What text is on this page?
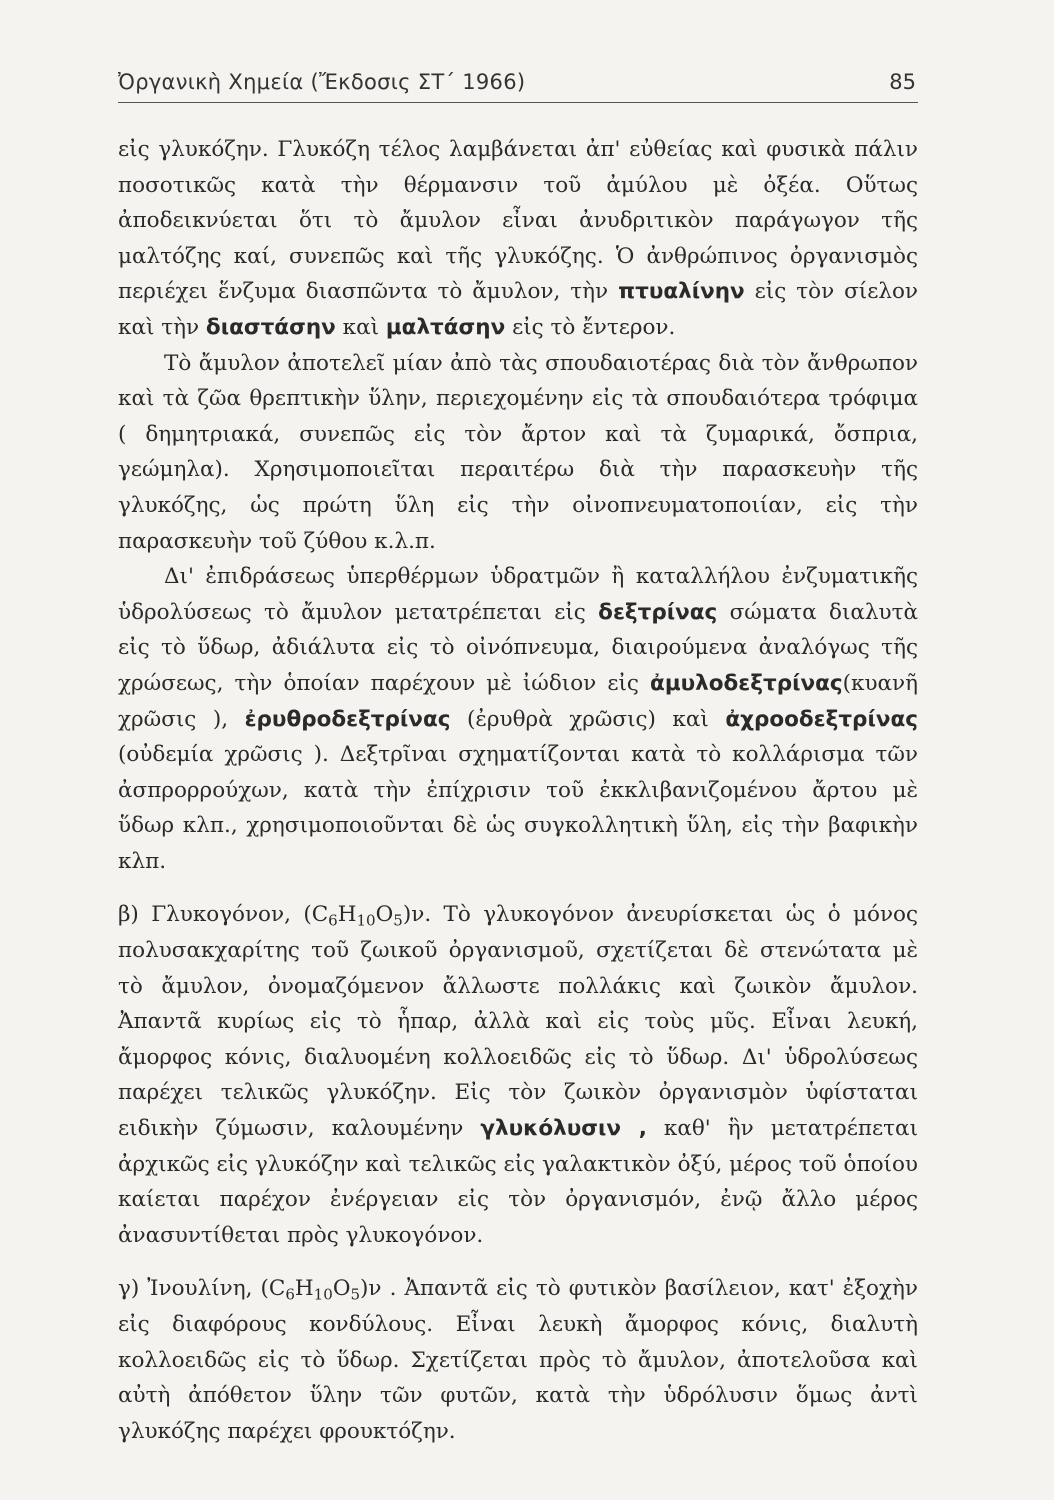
Ὀργανικὴ Χημεία (Ἔκδοσις ΣΤ΄ 1966)	85

εἰς γλυκόζην. Γλυκόζη τέλος λαμβάνεται ἀπ' εὐθείας καὶ φυσικὰ πάλιν ποσοτικῶς κατὰ τὴν θέρμανσιν τοῦ ἀμύλου μὲ ὀξέα. Οὕτως ἀποδεικνύεται ὅτι τὸ ἄμυλον εἶναι ἀνυδριτικὸν παράγωγον τῆς μαλτόζης καί, συνεπῶς καὶ τῆς γλυκόζης. Ὁ ἀνθρώπινος ὀργανισμὸς περιέχει ἕνζυμα διασπῶντα τὸ ἄμυλον, τὴν πτυαλίνην εἰς τὸν σίελον καὶ τὴν διαστάσην καὶ μαλτάσην εἰς τὸ ἔντερον.

Τὸ ἄμυλον ἀποτελεῖ μίαν ἀπὸ τὰς σπουδαιοτέρας διὰ τὸν ἄνθρωπον καὶ τὰ ζῶα θρεπτικὴν ὕλην, περιεχομένην εἰς τὰ σπουδαιότερα τρόφιμα ( δημητριακά, συνεπῶς εἰς τὸν ἄρτον καὶ τὰ ζυμαρικά, ὄσπρια, γεώμηλα). Χρησιμοποιεῖται περαιτέρω διὰ τὴν παρασκευὴν τῆς γλυκόζης, ὡς πρώτη ὕλη εἰς τὴν οἰνοπνευματοποιίαν, εἰς τὴν παρασκευὴν τοῦ ζύθου κ.λ.π.

Δι' ἐπιδράσεως ὑπερθέρμων ὑδρατμῶν ἢ καταλλήλου ἐνζυματικῆς ὑδρολύσεως τὸ ἄμυλον μετατρέπεται εἰς δεξτρίνας σώματα διαλυτὰ εἰς τὸ ὕδωρ, ἀδιάλυτα εἰς τὸ οἰνόπνευμα, διαιρούμενα ἀναλόγως τῆς χρώσεως, τὴν ὁποίαν παρέχουν μὲ ἰώδιον εἰς ἀμυλοδεξτρίνας(κυανῆ χρῶσις ), ἐρυθροδεξτρίνας (ἐρυθρὰ χρῶσις) καὶ ἀχροοδεξτρίνας (οὐδεμία χρῶσις ). Δεξτρῖναι σχηματίζονται κατὰ τὸ κολλάρισμα τῶν ἀσπρορρούχων, κατὰ τὴν ἐπίχρισιν τοῦ ἐκκλιβανιζομένου ἄρτου μὲ ὕδωρ κλπ., χρησιμοποιοῦνται δὲ ὡς συγκολλητικὴ ὕλη, εἰς τὴν βαφικὴν κλπ.

β) Γλυκογόνον, $(C_6H_{10}O_5)\nu$. Τὸ γλυκογόνον ἀνευρίσκεται ὡς ὁ μόνος πολυσακχαρίτης τοῦ ζωικοῦ ὀργανισμοῦ, σχετίζεται δὲ στενώτατα μὲ τὸ ἄμυλον, ὀνομαζόμενον ἄλλωστε πολλάκις καὶ ζωικὸν ἄμυλον. Ἀπαντᾶ κυρίως εἰς τὸ ἧπαρ, ἀλλὰ καὶ εἰς τοὺς μῦς. Εἶναι λευκή, ἄμορφος κόνις, διαλυομένη κολλοειδῶς εἰς τὸ ὕδωρ. Δι' ὑδρολύσεως παρέχει τελικῶς γλυκόζην. Εἰς τὸν ζωικὸν ὀργανισμὸν ὑφίσταται ειδικὴν ζύμωσιν, καλουμένην γλυκόλυσιν , καθ' ἣν μετατρέπεται ἀρχικῶς εἰς γλυκόζην καὶ τελικῶς εἰς γαλακτικὸν ὀξύ, μέρος τοῦ ὁποίου καίεται παρέχον ἐνέργειαν εἰς τὸν ὀργανισμόν, ἐνῷ ἄλλο μέρος ἀνασυντίθεται πρὸς γλυκογόνον.

γ) Ἰνουλίνη, $(C_6H_{10}O_5)\nu$ . Ἀπαντᾶ εἰς τὸ φυτικὸν βασίλειον, κατ' ἐξοχὴν εἰς διαφόρους κονδύλους. Εἶναι λευκὴ ἄμορφος κόνις, διαλυτὴ κολλοειδῶς εἰς τὸ ὕδωρ. Σχετίζεται πρὸς τὸ ἄμυλον, ἀποτελοῦσα καὶ αὐτὴ ἀπόθετον ὕλην τῶν φυτῶν, κατὰ τὴν ὑδρόλυσιν ὅμως ἀντὶ γλυκόζης παρέχει φρουκτόζην.
